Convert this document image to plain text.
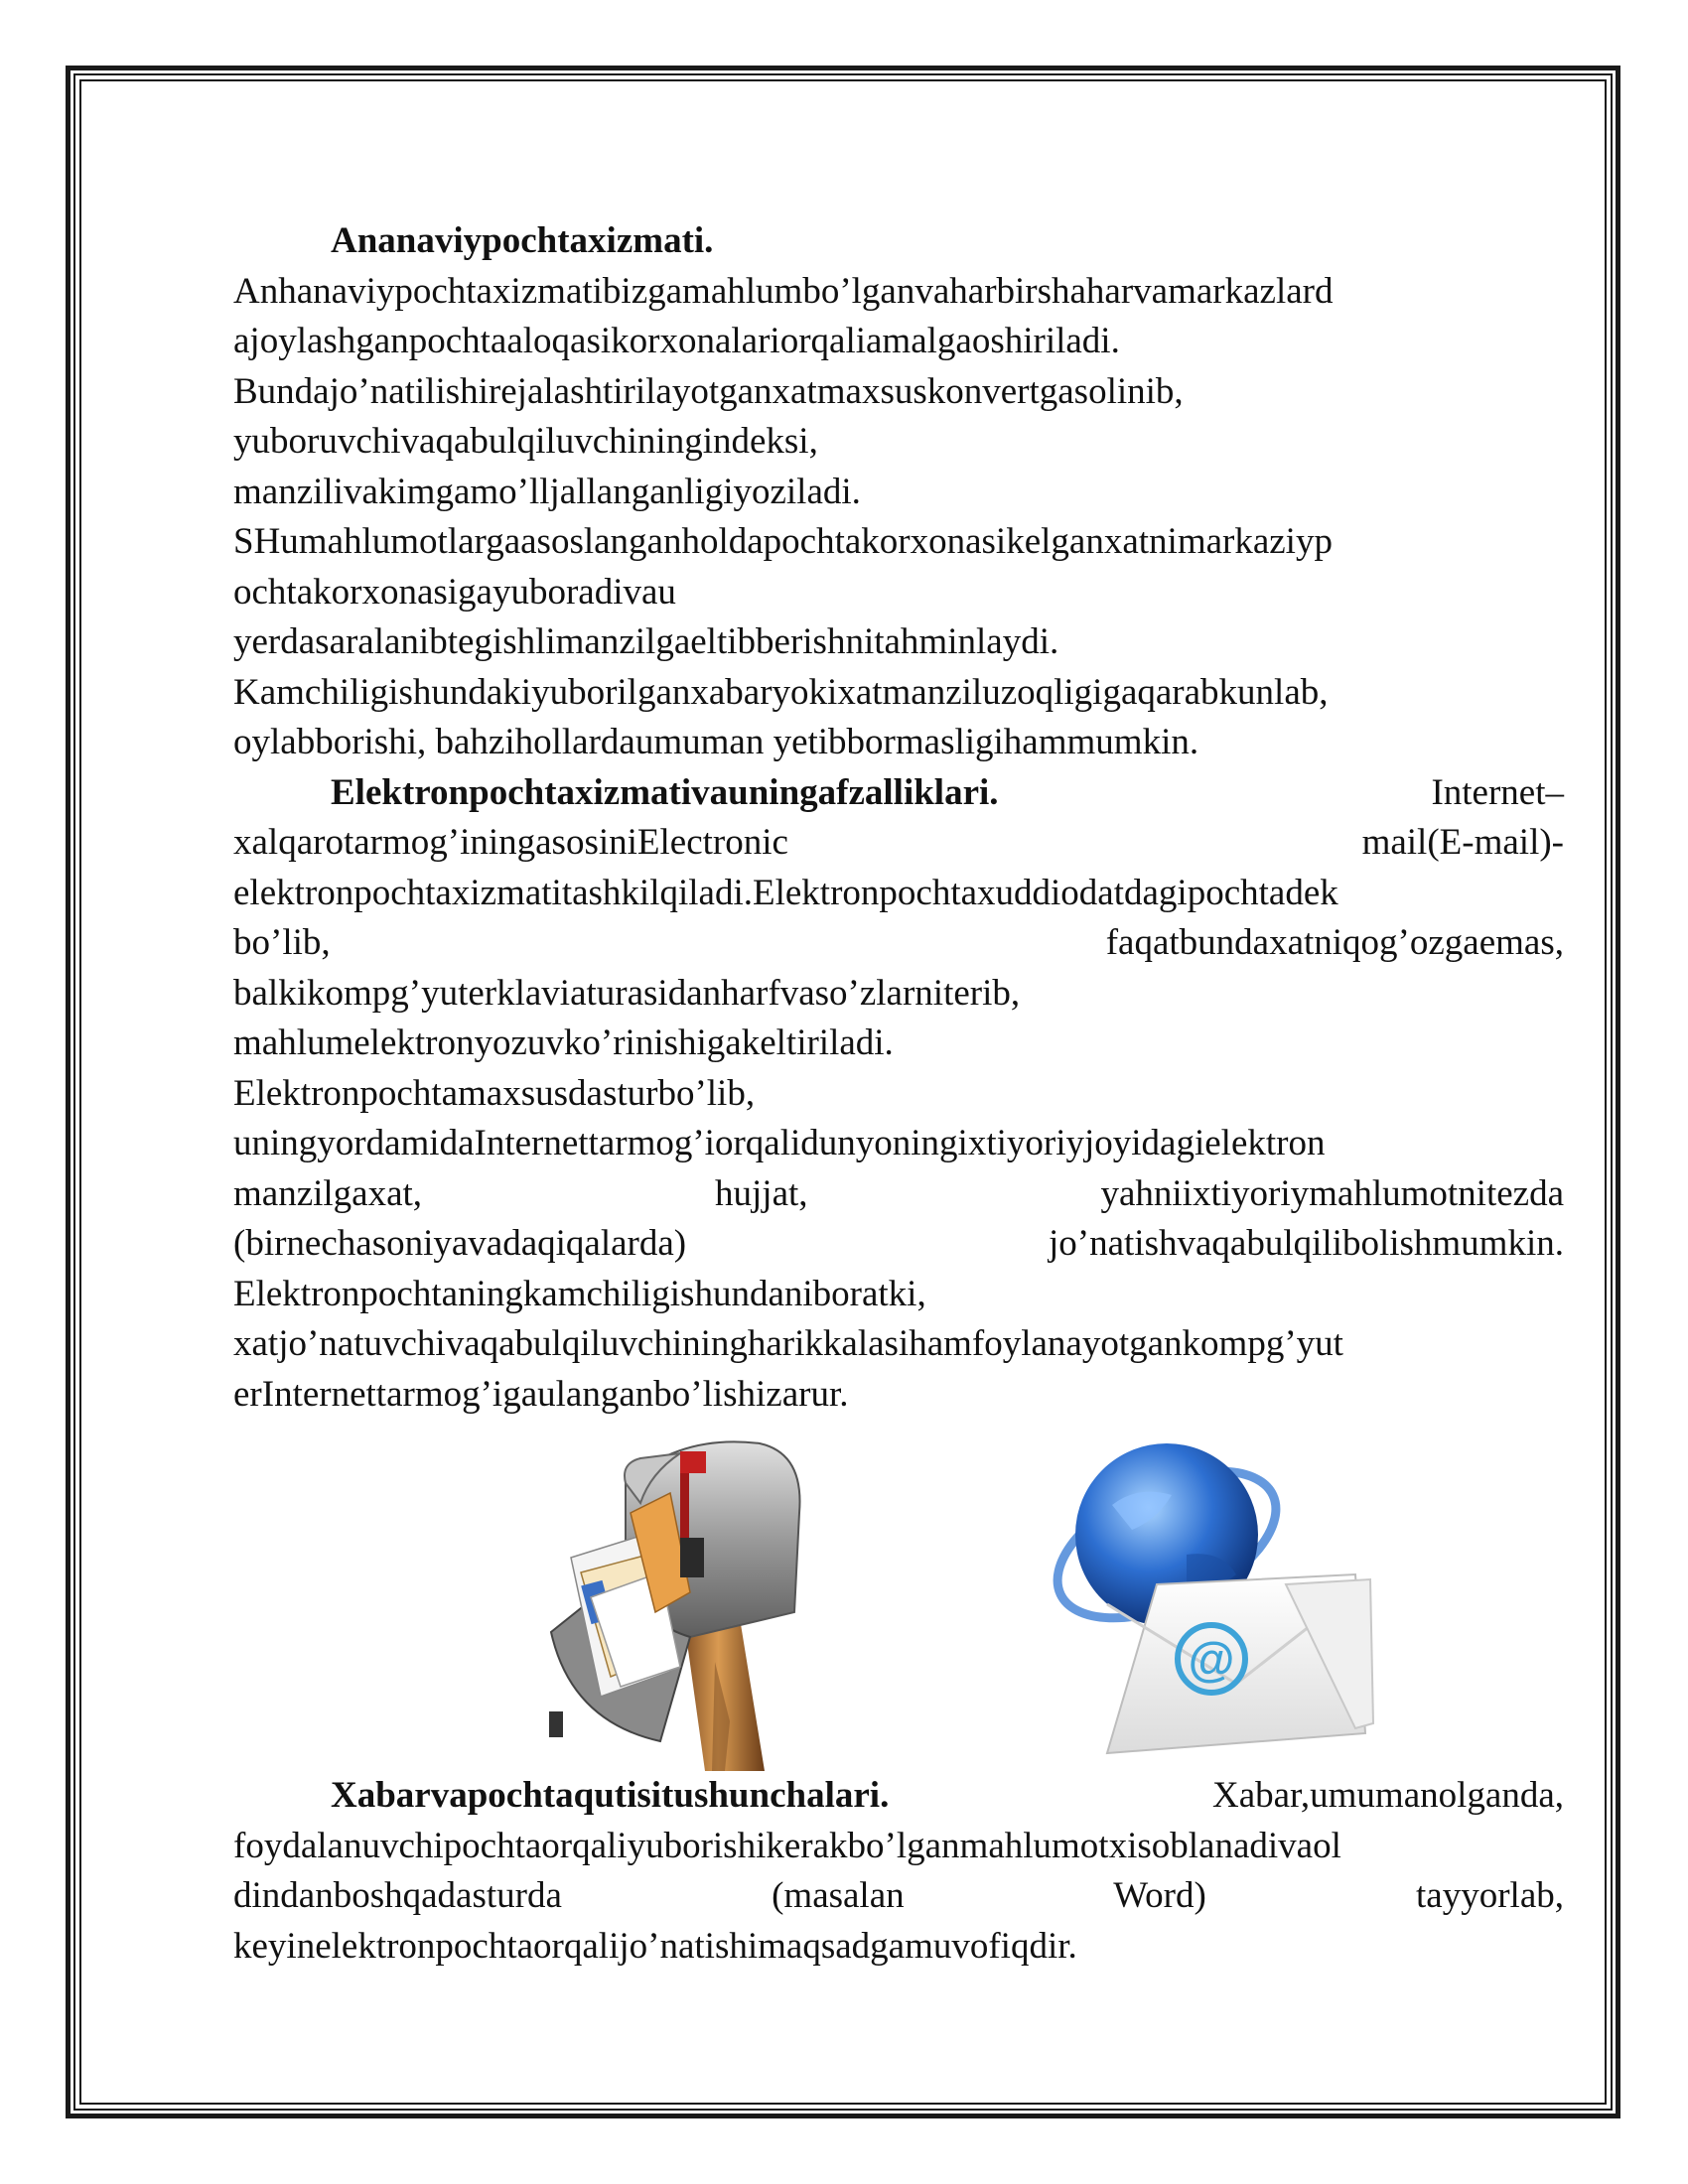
Ananaviypochtaxizmati.

Anhanaviypochtaxizmatibizgamahlumbo’lganvaharbirshaharvamarkazlard

ajoylashganpochtaaloqasikorxonalariorqaliamalgaoshiriladi.

Bundajo’natilishirejalashtirilayotganxatmaxsuskonvertgasolinib,

yuboruvchivaqabulqiluvchiningindeksi,

manzilivakimgamo’lljallanganligiyoziladi.

SHumahlumotlargaasoslanganholdapochtakorxonasikelganxatnimarkaziyp

ochtakorxonasigayuboradivau

yerdasaralanibtegishlimanzilgaeltibberishnitahminlaydi.

Kamchiligishundakiyuborilganxabaryokixatmanziluzoqligigaqarabkunlab,

oylabborishi, bahzihollardaumuman yetibbormasligihammumkin.

Elektronpochtaxizmativauningafzalliklari.	Internet–

xalqarotarmog’iningasosiniElectronic mail(E-mail)-

elektronpochtaxizmatitashkilqiladi.Elektronpochtaxuddiodatdagipochtadek

bo’lib, faqatbundaxatniqog’ozgaemas,

balkikompg’yuterklaviaturasidanharfvaso’zlarniterib,

mahlumelektronyozuvko’rinishigakeltiriladi.

Elektronpochtamaxsusdasturbo’lib,

uningyordamidaInternettarmog’iorqalidunyoningixtiyoriyjoyidagielektron

manzilgaxat, hujjat, yahniixtiyoriymahlumotnitezda

(birnechasoniyavadaqiqalarda) jo’natishvaqabulqilibolishmumkin.

Elektronpochtaningkamchiligishundaniboratki,

xatjo’natuvchivaqabulqiluvchiningharikkalasihamfoylanayotgankompg’yut

erInternettarmog’igaulanganbo’lishizarur.

@

Xabarvapochtaqutisitushunchalari.	Xabar,umumanolganda,

foydalanuvchipochtaorqaliyuborishikerakbo’lganmahlumotxisoblanadivaol

dindanboshqadasturda (masalan Word) tayyorlab,

keyinelektronpochtaorqalijo’natishimaqsadgamuvofiqdir.
